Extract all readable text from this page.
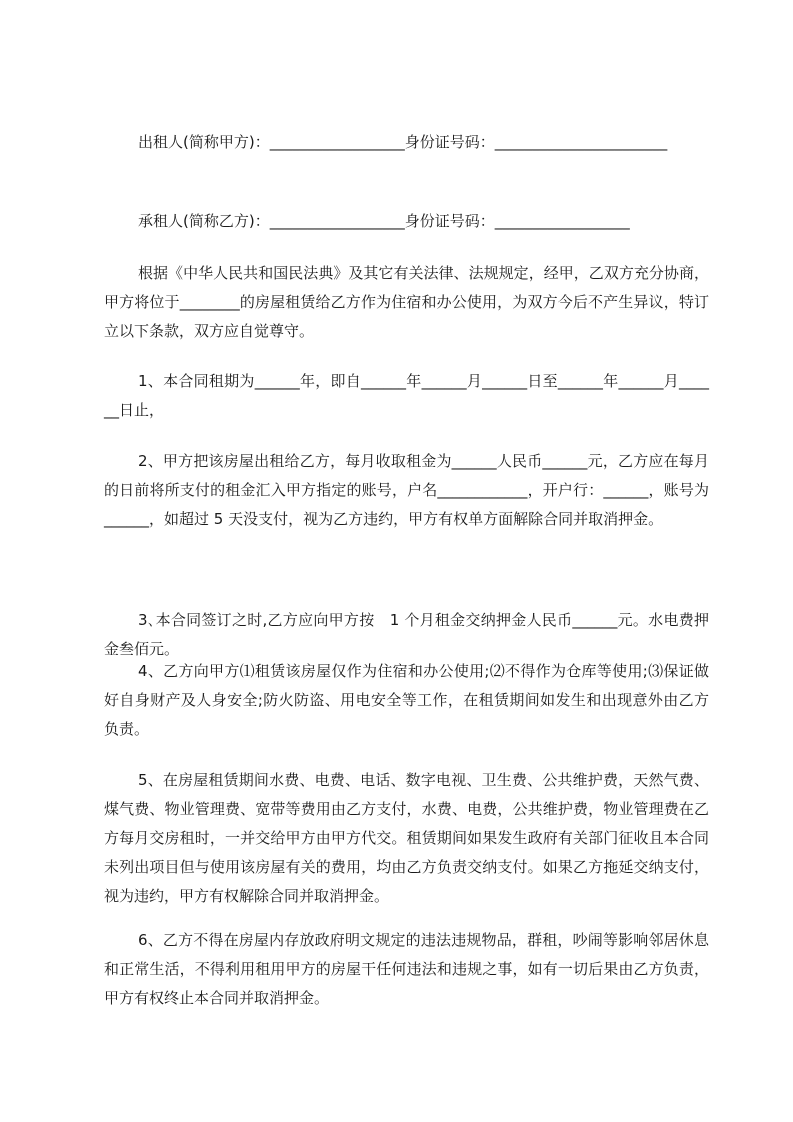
出租人(简称甲方)：__________________身份证号码：_______________________

承租人(简称乙方)：__________________身份证号码：__________________

根据《中华人民共和国民法典》及其它有关法律、法规规定，经甲，乙双方充分协商，甲方将位于________的房屋租赁给乙方作为住宿和办公使用，为双方今后不产生异议，特订立以下条款，双方应自觉尊守。

1、本合同租期为______年，即自______年______月______日至______年______月______日止，

2、甲方把该房屋出租给乙方，每月收取租金为______人民币______元，乙方应在每月的日前将所支付的租金汇入甲方指定的账号，户名____________，开户行：______，账号为______，如超过 5 天没支付，视为乙方违约，甲方有权单方面解除合同并取消押金。

3､本合同签订之时,乙方应向甲方按　1 个月租金交纳押金人民币______元。水电费押金叁佰元。

4、乙方向甲方⑴租赁该房屋仅作为住宿和办公使用;⑵不得作为仓库等使用;⑶保证做好自身财产及人身安全;防火防盗、用电安全等工作，在租赁期间如发生和出现意外由乙方负责。

5、在房屋租赁期间水费、电费、电话、数字电视、卫生费、公共维护费，天然气费、煤气费、物业管理费、宽带等费用由乙方支付，水费、电费，公共维护费，物业管理费在乙方每月交房租时，一并交给甲方由甲方代交。租赁期间如果发生政府有关部门征收且本合同未列出项目但与使用该房屋有关的费用，均由乙方负责交纳支付。如果乙方拖延交纳支付，视为违约，甲方有权解除合同并取消押金。

6、乙方不得在房屋内存放政府明文规定的违法违规物品，群租，吵闹等影响邻居休息和正常生活，不得利用租用甲方的房屋干任何违法和违规之事，如有一切后果由乙方负责，甲方有权终止本合同并取消押金。
